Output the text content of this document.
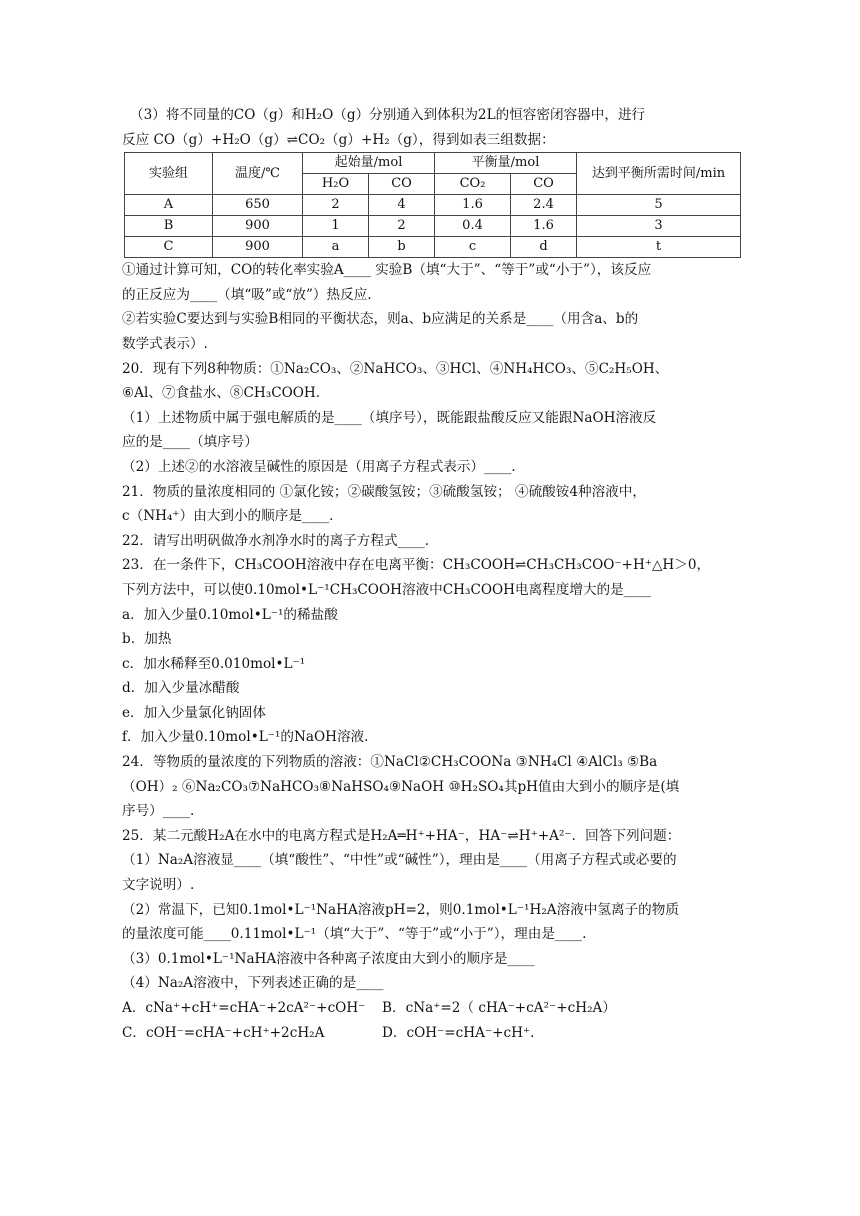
（3）将不同量的CO（g）和H₂O（g）分别通入到体积为2L的恒容密闭容器中，进行
反应 CO（g）+H₂O（g）⇌CO₂（g）+H₂（g），得到如表三组数据：
实验组	温度/℃	起始量/mol		平衡量/mol		达到平衡所需时间/min
		H₂O	CO	CO₂	CO	
A	650	2	4	1.6	2.4	5
B	900	1	2	0.4	1.6	3
C	900	a	b	c	d	t
①通过计算可知，CO的转化率实验A____ 实验B（填“大于”、“等于”或“小于”），该反应
的正反应为____（填“吸”或“放”）热反应.
②若实验C要达到与实验B相同的平衡状态，则a、b应满足的关系是____（用含a、b的
数学式表示）.
20．现有下列8种物质：①Na₂CO₃、②NaHCO₃、③HCl、④NH₄HCO₃、⑤C₂H₅OH、
⑥Al、⑦食盐水、⑧CH₃COOH.
（1）上述物质中属于强电解质的是____（填序号），既能跟盐酸反应又能跟NaOH溶液反
应的是____（填序号）
（2）上述②的水溶液呈碱性的原因是（用离子方程式表示）____.
21．物质的量浓度相同的 ①氯化铵；②碳酸氢铵；③硫酸氢铵； ④硫酸铵4种溶液中，
c（NH₄⁺）由大到小的顺序是____.
22．请写出明矾做净水剂净水时的离子方程式____.
23．在一条件下，CH₃COOH溶液中存在电离平衡：CH₃COOH⇌CH₃CH₃COO⁻+H⁺△H＞0，
下列方法中，可以使0.10mol•L⁻¹CH₃COOH溶液中CH₃COOH电离程度增大的是____
a．加入少量0.10mol•L⁻¹的稀盐酸
b．加热
c．加水稀释至0.010mol•L⁻¹
d．加入少量冰醋酸
e．加入少量氯化钠固体
f．加入少量0.10mol•L⁻¹的NaOH溶液.
24．等物质的量浓度的下列物质的溶液：①NaCl②CH₃COONa ③NH₄Cl ④AlCl₃ ⑤Ba
（OH）₂ ⑥Na₂CO₃⑦NaHCO₃⑧NaHSO₄⑨NaOH ⑩H₂SO₄其pH值由大到小的顺序是(填
序号）____.
25．某二元酸H₂A在水中的电离方程式是H₂A═H⁺+HA⁻，HA⁻⇌H⁺+A²⁻．回答下列问题：
（1）Na₂A溶液显____（填“酸性”、“中性”或“碱性”），理由是____（用离子方程式或必要的
文字说明）.
（2）常温下，已知0.1mol•L⁻¹NaHA溶液pH=2，则0.1mol•L⁻¹H₂A溶液中氢离子的物质
的量浓度可能____0.11mol•L⁻¹（填“大于”、“等于”或“小于”），理由是____.
（3）0.1mol•L⁻¹NaHA溶液中各种离子浓度由大到小的顺序是____
（4）Na₂A溶液中，下列表述正确的是____
A．cNa⁺+cH⁺=cHA⁻+2cA²⁻+cOH⁻	B．cNa⁺=2（ cHA⁻+cA²⁻+cH₂A）
C．cOH⁻=cHA⁻+cH⁺+2cH₂A	D．cOH⁻=cHA⁻+cH⁺.
